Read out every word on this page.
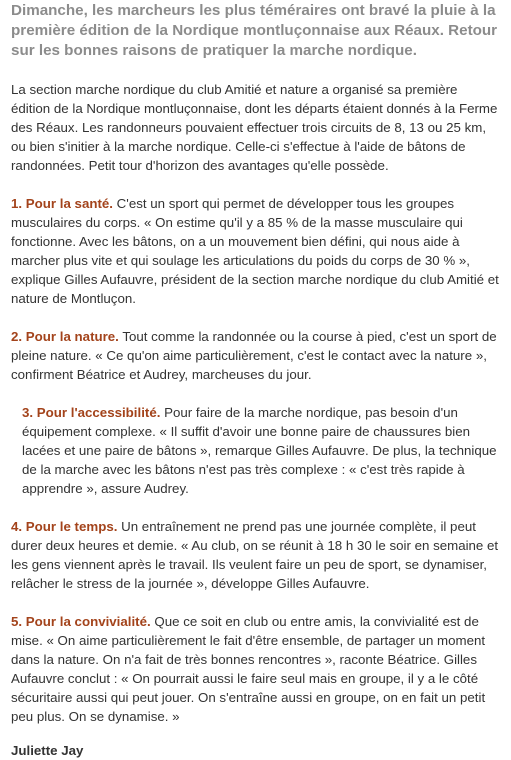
Dimanche, les marcheurs les plus téméraires ont bravé la pluie à la première édition de la Nordique montluçonnaise aux Réaux. Retour sur les bonnes raisons de pratiquer la marche nordique.

La section marche nordique du club Amitié et nature a organisé sa première édition de la Nordique montluçonnaise, dont les départs étaient donnés à la Ferme des Réaux. Les randonneurs pouvaient effectuer trois circuits de 8, 13 ou 25 km, ou bien s'initier à la marche nordique. Celle-ci s'effectue à l'aide de bâtons de randonnées. Petit tour d'horizon des avantages qu'elle possède.

1. Pour la santé. C'est un sport qui permet de développer tous les groupes musculaires du corps. « On estime qu'il y a 85 % de la masse musculaire qui fonctionne. Avec les bâtons, on a un mouvement bien défini, qui nous aide à marcher plus vite et qui soulage les articulations du poids du corps de 30 % », explique Gilles Aufauvre, président de la section marche nordique du club Amitié et nature de Montluçon.

2. Pour la nature. Tout comme la randonnée ou la course à pied, c'est un sport de pleine nature. « Ce qu'on aime particulièrement, c'est le contact avec la nature », confirment Béatrice et Audrey, marcheuses du jour.

3. Pour l'accessibilité. Pour faire de la marche nordique, pas besoin d'un équipement complexe. « Il suffit d'avoir une bonne paire de chaussures bien lacées et une paire de bâtons », remarque Gilles Aufauvre. De plus, la technique de la marche avec les bâtons n'est pas très complexe : « c'est très rapide à apprendre », assure Audrey.

4. Pour le temps. Un entraînement ne prend pas une journée complète, il peut durer deux heures et demie. « Au club, on se réunit à 18 h 30 le soir en semaine et les gens viennent après le travail. Ils veulent faire un peu de sport, se dynamiser, relâcher le stress de la journée », développe Gilles Aufauvre.

5. Pour la convivialité. Que ce soit en club ou entre amis, la convivialité est de mise. « On aime particulièrement le fait d'être ensemble, de partager un moment dans la nature. On n'a fait de très bonnes rencontres », raconte Béatrice. Gilles Aufauvre conclut : « On pourrait aussi le faire seul mais en groupe, il y a le côté sécuritaire aussi qui peut jouer. On s'entraîne aussi en groupe, on en fait un petit peu plus. On se dynamise. »

Juliette Jay
